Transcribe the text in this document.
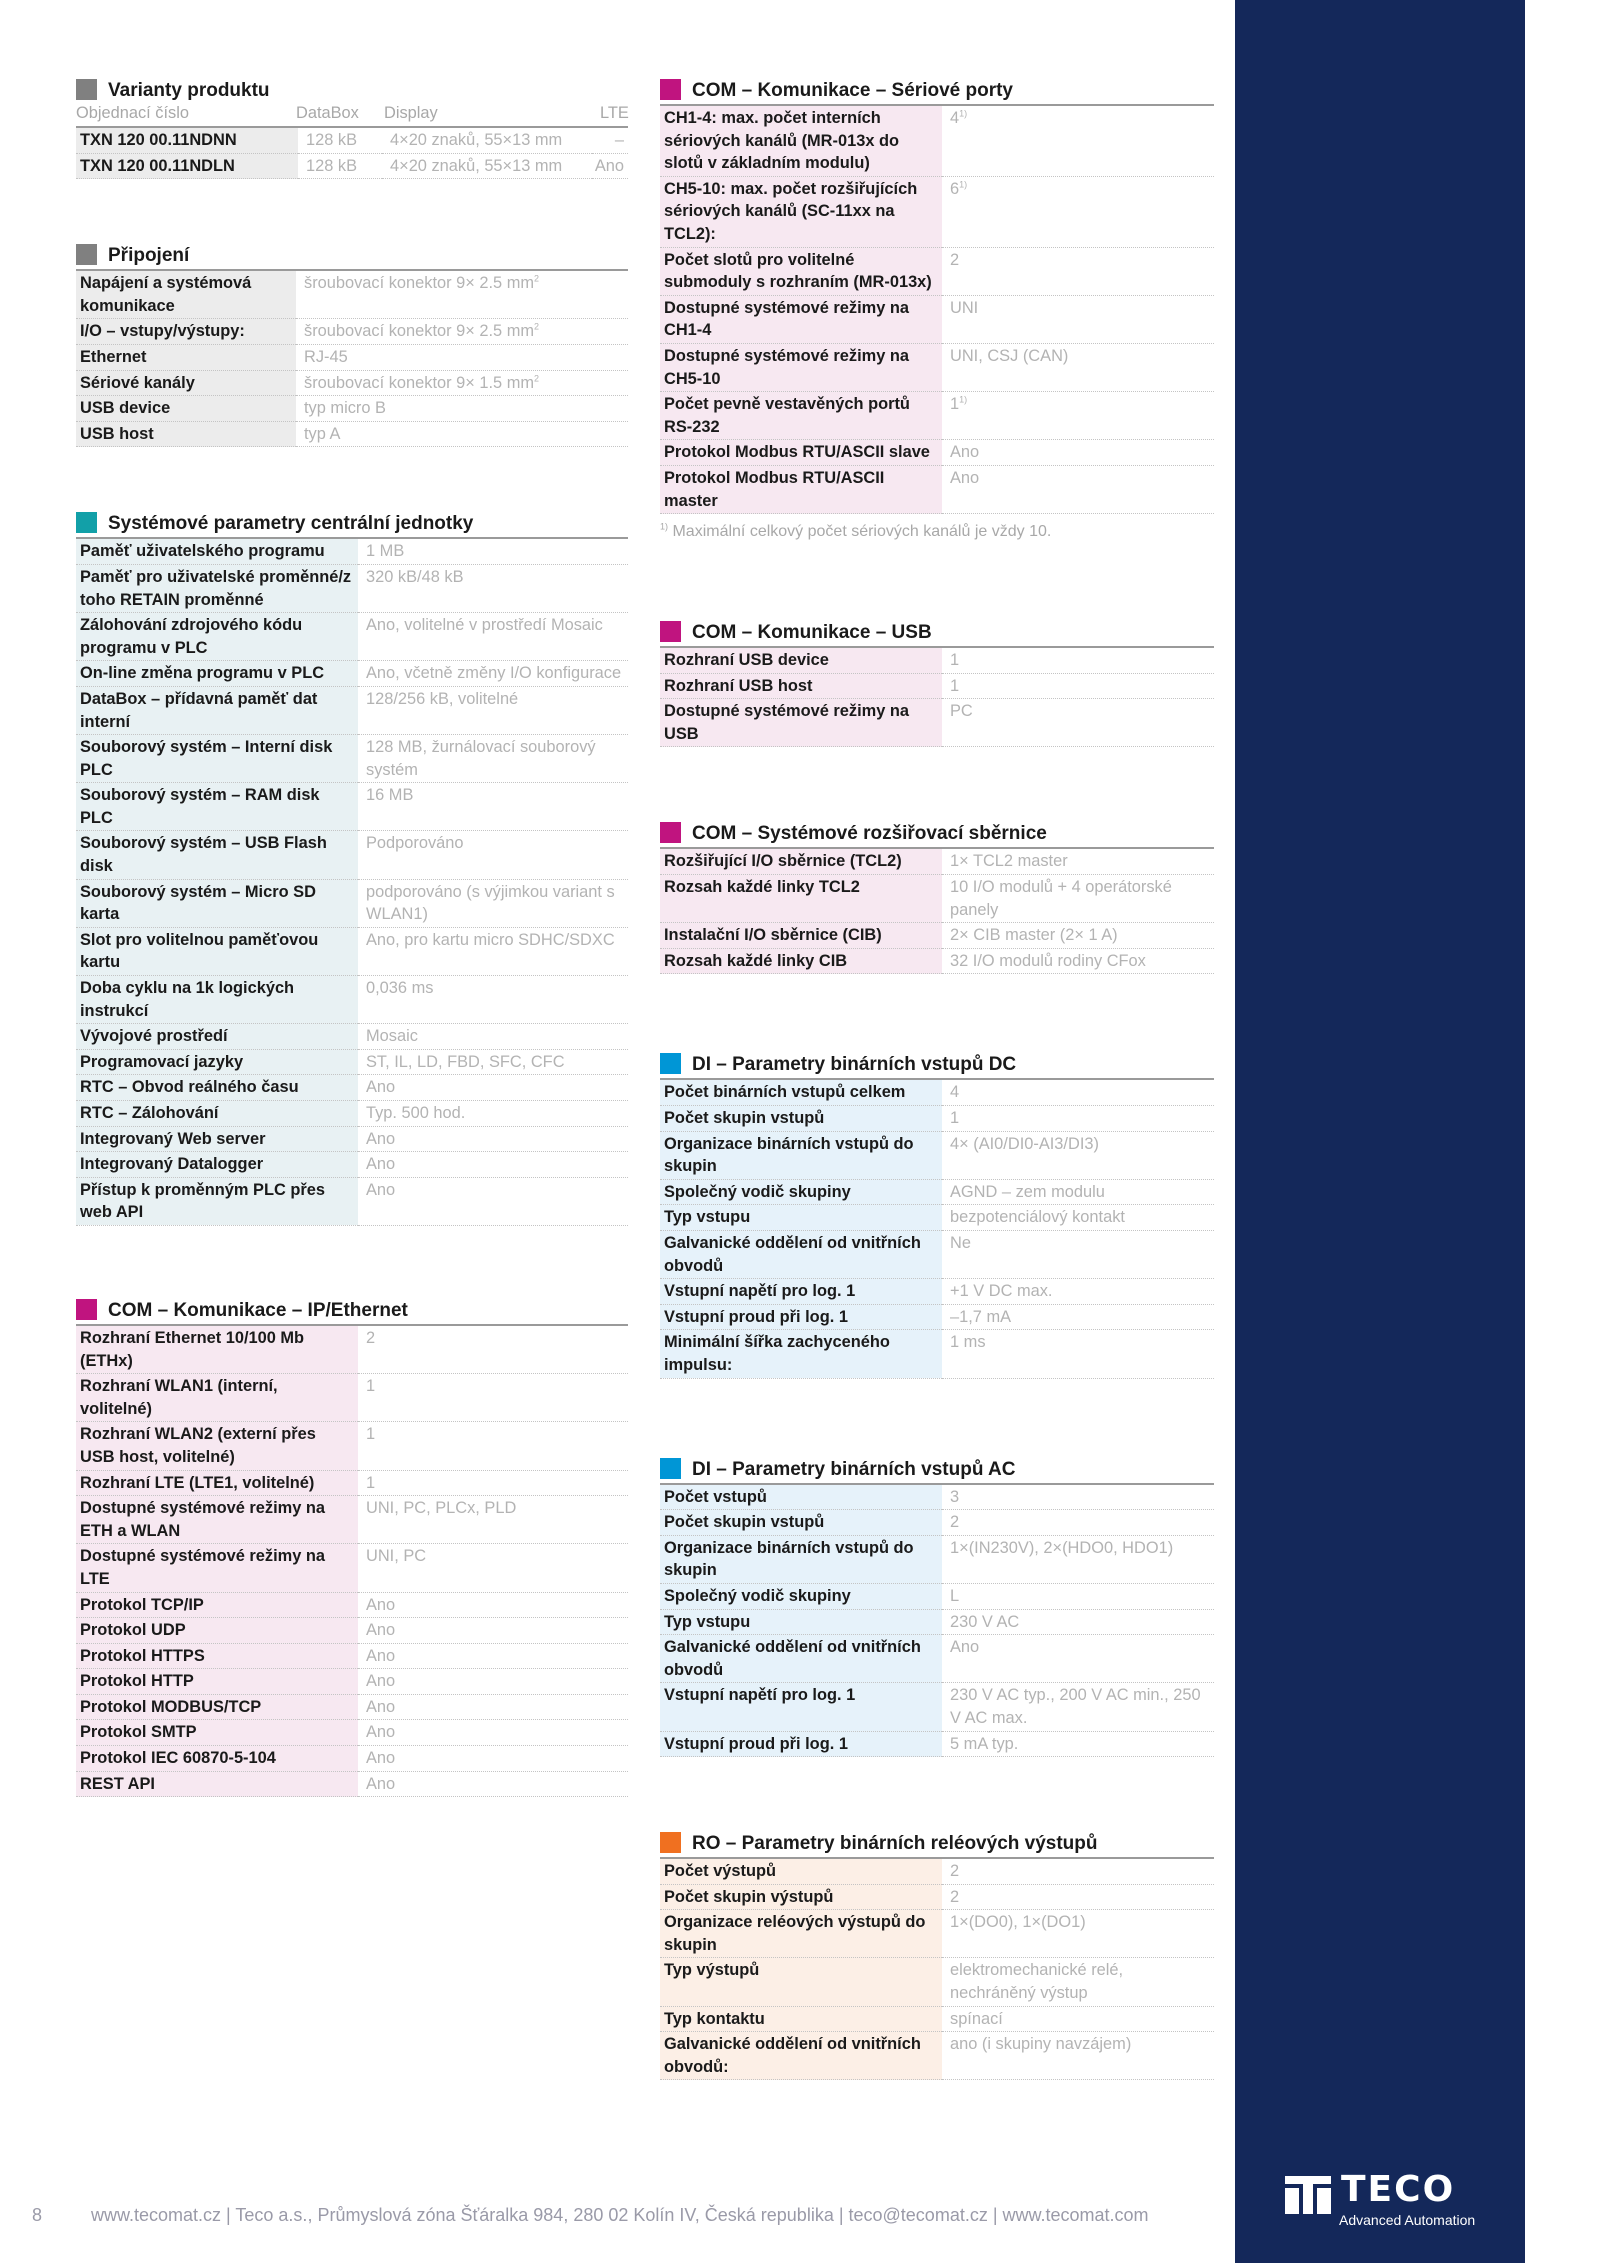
Varianty produktu
Objednací číslo	DataBox	Display	LTE
TXN 120 00.11NDNN	128 kB	4×20 znaků, 55×13 mm	–
TXN 120 00.11NDLN	128 kB	4×20 znaků, 55×13 mm	Ano
Připojení
Napájení a systémová komunikace	šroubovací konektor 9× 2.5 $mm^2$
I/O – vstupy/výstupy:	šroubovací konektor 9× 2.5 $mm^2$
Ethernet	RJ-45
Sériové kanály	šroubovací konektor 9× 1.5 $mm^2$
USB device	typ micro B
USB host	typ A
Systémové parametry centrální jednotky
Paměť uživatelského programu	1 MB
Paměť pro uživatelské proměnné/z toho RETAIN proměnné	320 kB/48 kB
Zálohování zdrojového kódu programu v PLC	Ano, volitelné v prostředí Mosaic
On-line změna programu v PLC	Ano, včetně změny I/O konfigurace
DataBox – přídavná paměť dat interní	128/256 kB, volitelné
Souborový systém – Interní disk PLC	128 MB, žurnálovací souborový systém
Souborový systém – RAM disk PLC	16 MB
Souborový systém – USB Flash disk	Podporováno
Souborový systém – Micro SD karta	podporováno (s výjimkou variant s WLAN1)
Slot pro volitelnou paměťovou kartu	Ano, pro kartu micro SDHC/SDXC
Doba cyklu na 1k logických instrukcí	0,036 ms
Vývojové prostředí	Mosaic
Programovací jazyky	ST, IL, LD, FBD, SFC, CFC
RTC – Obvod reálného času	Ano
RTC – Zálohování	Typ. 500 hod.
Integrovaný Web server	Ano
Integrovaný Datalogger	Ano
Přístup k proměnným PLC přes web API	Ano
COM – Komunikace – IP/Ethernet
Rozhraní Ethernet 10/100 Mb (ETHx)	2
Rozhraní WLAN1 (interní, volitelné)	1
Rozhraní WLAN2 (externí přes USB host, volitelné)	1
Rozhraní LTE (LTE1, volitelné)	1
Dostupné systémové režimy na ETH a WLAN	UNI, PC, PLCx, PLD
Dostupné systémové režimy na LTE	UNI, PC
Protokol TCP/IP	Ano
Protokol UDP	Ano
Protokol HTTPS	Ano
Protokol HTTP	Ano
Protokol MODBUS/TCP	Ano
Protokol SMTP	Ano
Protokol IEC 60870-5-104	Ano
REST API	Ano
COM – Komunikace – Sériové porty
CH1-4: max. počet interních sériových kanálů (MR-013x do slotů v základním modulu)	4$^{1)}$
CH5-10: max. počet rozšiřujících sériových kanálů (SC-11xx na TCL2):	6$^{1)}$
Počet slotů pro volitelné submoduly s rozhraním (MR-013x)	2
Dostupné systémové režimy na CH1-4	UNI
Dostupné systémové režimy na CH5-10	UNI, CSJ (CAN)
Počet pevně vestavěných portů RS-232	1$^{1)}$
Protokol Modbus RTU/ASCII slave	Ano
Protokol Modbus RTU/ASCII master	Ano
$^{1)}$ Maximální celkový počet sériových kanálů je vždy 10.
COM – Komunikace – USB
Rozhraní USB device	1
Rozhraní USB host	1
Dostupné systémové režimy na USB	PC
COM – Systémové rozšiřovací sběrnice
Rozšiřující I/O sběrnice (TCL2)	1× TCL2 master
Rozsah každé linky TCL2	10 I/O modulů + 4 operátorské panely
Instalační I/O sběrnice (CIB)	2× CIB master (2× 1 A)
Rozsah každé linky CIB	32 I/O modulů rodiny CFox
DI – Parametry binárních vstupů DC
Počet binárních vstupů celkem	4
Počet skupin vstupů	1
Organizace binárních vstupů do skupin	4× (AI0/DI0-AI3/DI3)
Společný vodič skupiny	AGND – zem modulu
Typ vstupu	bezpotenciálový kontakt
Galvanické oddělení od vnitřních obvodů	Ne
Vstupní napětí pro log. 1	+1 V DC max.
Vstupní proud při log. 1	–1,7 mA
Minimální šířka zachyceného impulsu:	1 ms
DI – Parametry binárních vstupů AC
Počet vstupů	3
Počet skupin vstupů	2
Organizace binárních vstupů do skupin	1×(IN230V), 2×(HDO0, HDO1)
Společný vodič skupiny	L
Typ vstupu	230 V AC
Galvanické oddělení od vnitřních obvodů	Ano
Vstupní napětí pro log. 1	230 V AC typ., 200 V AC min., 250 V AC max.
Vstupní proud při log. 1	5 mA typ.
RO – Parametry binárních reléových výstupů
Počet výstupů	2
Počet skupin výstupů	2
Organizace reléových výstupů do skupin	1×(DO0), 1×(DO1)
Typ výstupů	elektromechanické relé, nechráněný výstup
Typ kontaktu	spínací
Galvanické oddělení od vnitřních obvodů:	ano (i skupiny navzájem)
8	www.tecomat.cz | Teco a.s., Průmyslová zóna Šťáralka 984, 280 02 Kolín IV, Česká republika | teco@tecomat.cz | www.tecomat.com
TECO
Advanced Automation
